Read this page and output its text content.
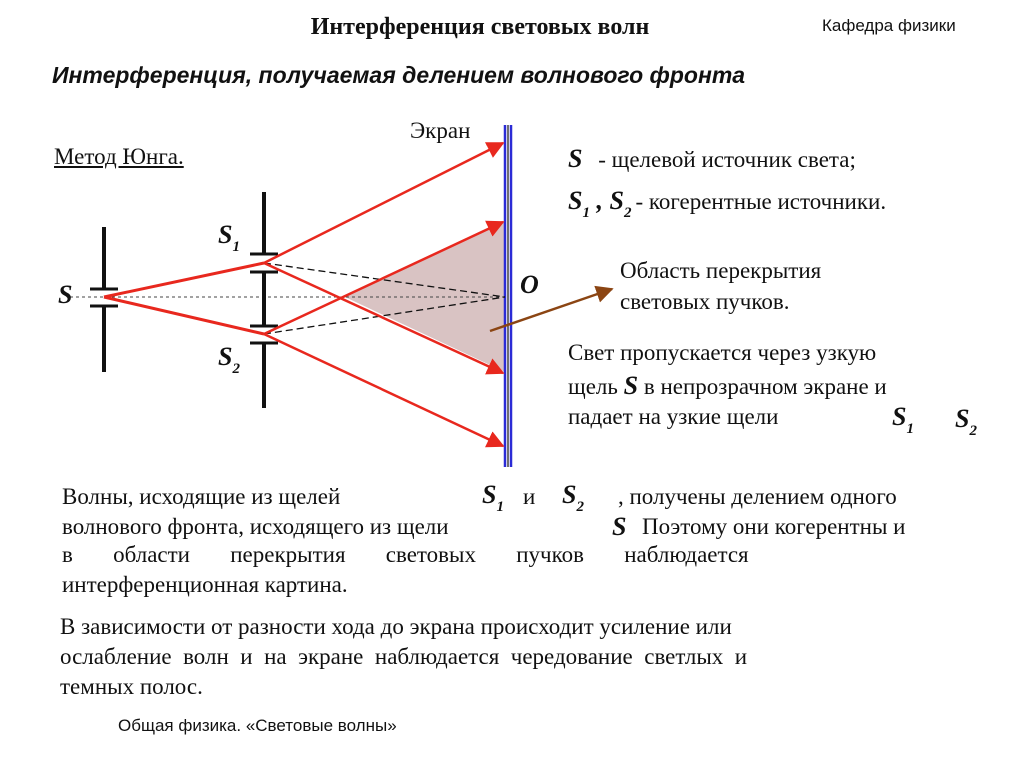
Интерференция световых волн	Кафедра физики
Интерференция, получаемая делением волнового фронта
Метод Юнга.
Экран
S
S1
S2
O
S - щелевой источник света;
S1 , S2 - когерентные источники.
Область перекрытия
световых пучков.
Свет пропускается через узкую
щель S в непрозрачном экране и
падает на узкие щели	S1 S2
Волны, исходящие из щелей	S1 и S2 , получены делением одного
волнового фронта, исходящего из щели	S Поэтому они когерентны и
в       области       перекрытия       световых       пучков       наблюдается
интерференционная картина.
В зависимости от разности хода до экрана происходит усиление или
ослабление  волн  и  на  экране  наблюдается  чередование  светлых  и
темных полос.
Общая физика. «Световые волны»
